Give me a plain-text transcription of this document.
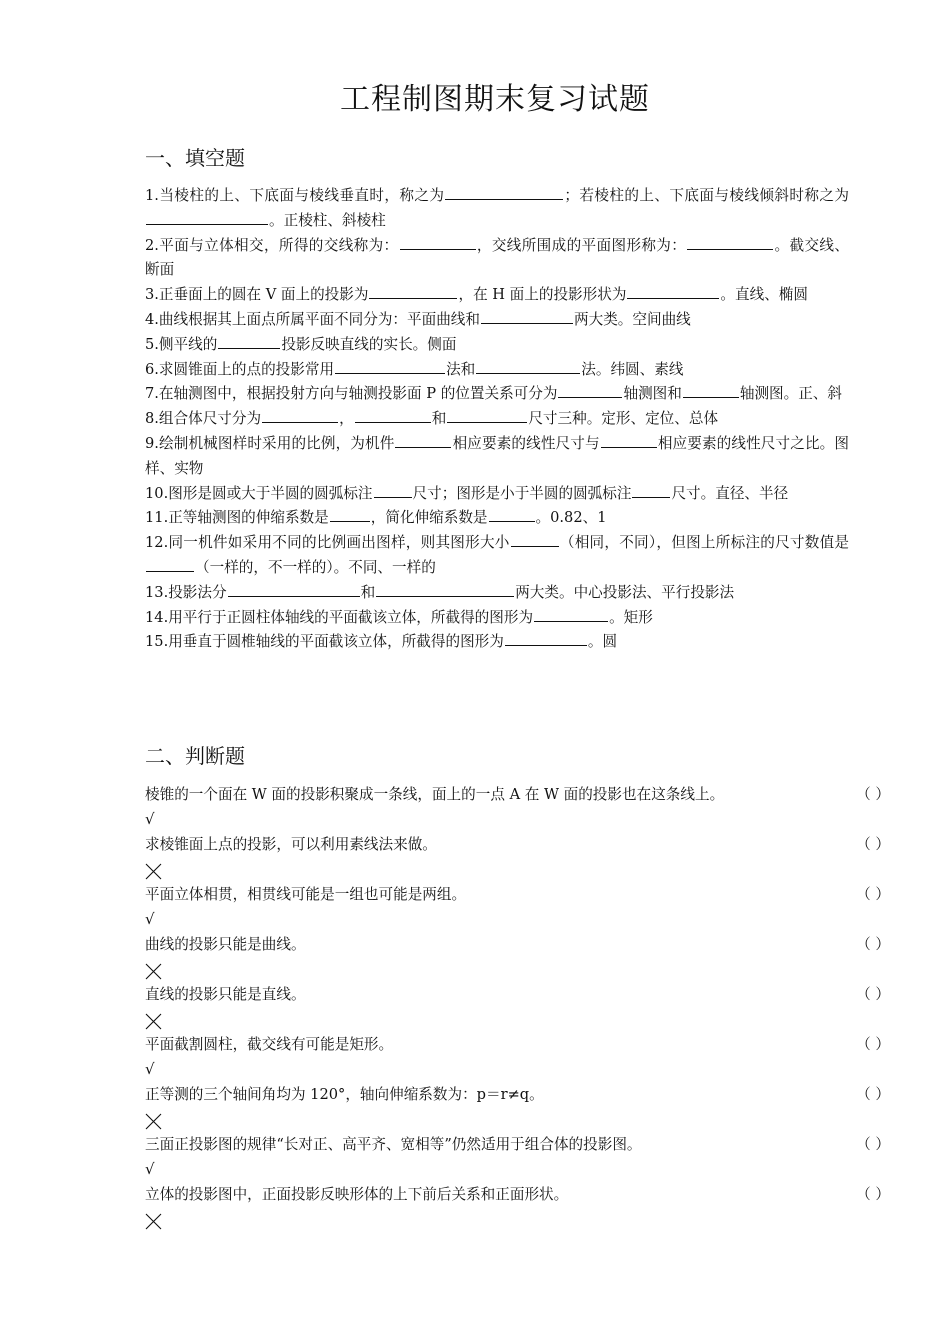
工程制图期末复习试题
一、填空题
1.当棱柱的上、下底面与棱线垂直时，称之为	；若棱柱的上、下底面与棱线倾斜时称之为。正棱柱、斜棱柱
2.平面与立体相交，所得的交线称为：	，交线所围成的平面图形称为：	。截交线、断面
3.正垂面上的圆在 V 面上的投影为	，在 H 面上的投影形状为	。直线、椭圆
4.曲线根据其上面点所属平面不同分为：平面曲线和	两大类。空间曲线
5.侧平线的	投影反映直线的实长。侧面
6.求圆锥面上的点的投影常用	法和	法。纬圆、素线
7.在轴测图中，根据投射方向与轴测投影面 P 的位置关系可分为	轴测图和	轴测图。正、斜
8.组合体尺寸分为	，	和	尺寸三种。定形、定位、总体
9.绘制机械图样时采用的比例，为机件	相应要素的线性尺寸与	相应要素的线性尺寸之比。图样、实物
10.图形是圆或大于半圆的圆弧标注	尺寸；图形是小于半圆的圆弧标注	尺寸。直径、半径
11.正等轴测图的伸缩系数是	，简化伸缩系数是	。0.82、1
12.同一机件如采用不同的比例画出图样，则其图形大小	（相同，不同），但图上所标注的尺寸数值是（一样的，不一样的）。不同、一样的
13.投影法分	和	两大类。中心投影法、平行投影法
14.用平行于正圆柱体轴线的平面截该立体，所截得的图形为	。矩形
15.用垂直于圆椎轴线的平面截该立体，所截得的图形为	。圆
二、判断题
棱锥的一个面在 W 面的投影积聚成一条线，面上的一点 A 在 W 面的投影也在这条线上。	（ ）
√
求棱锥面上点的投影，可以利用素线法来做。	（ ）
平面立体相贯，相贯线可能是一组也可能是两组。	（ ）
√
曲线的投影只能是曲线。	（ ）
直线的投影只能是直线。	（ ）
平面截割圆柱，截交线有可能是矩形。	（ ）
√
正等测的三个轴间角均为 120°，轴向伸缩系数为：p＝r≠q。	（ ）
三面正投影图的规律“长对正、高平齐、宽相等”仍然适用于组合体的投影图。	（ ）
√
立体的投影图中，正面投影反映形体的上下前后关系和正面形状。	（ ）
